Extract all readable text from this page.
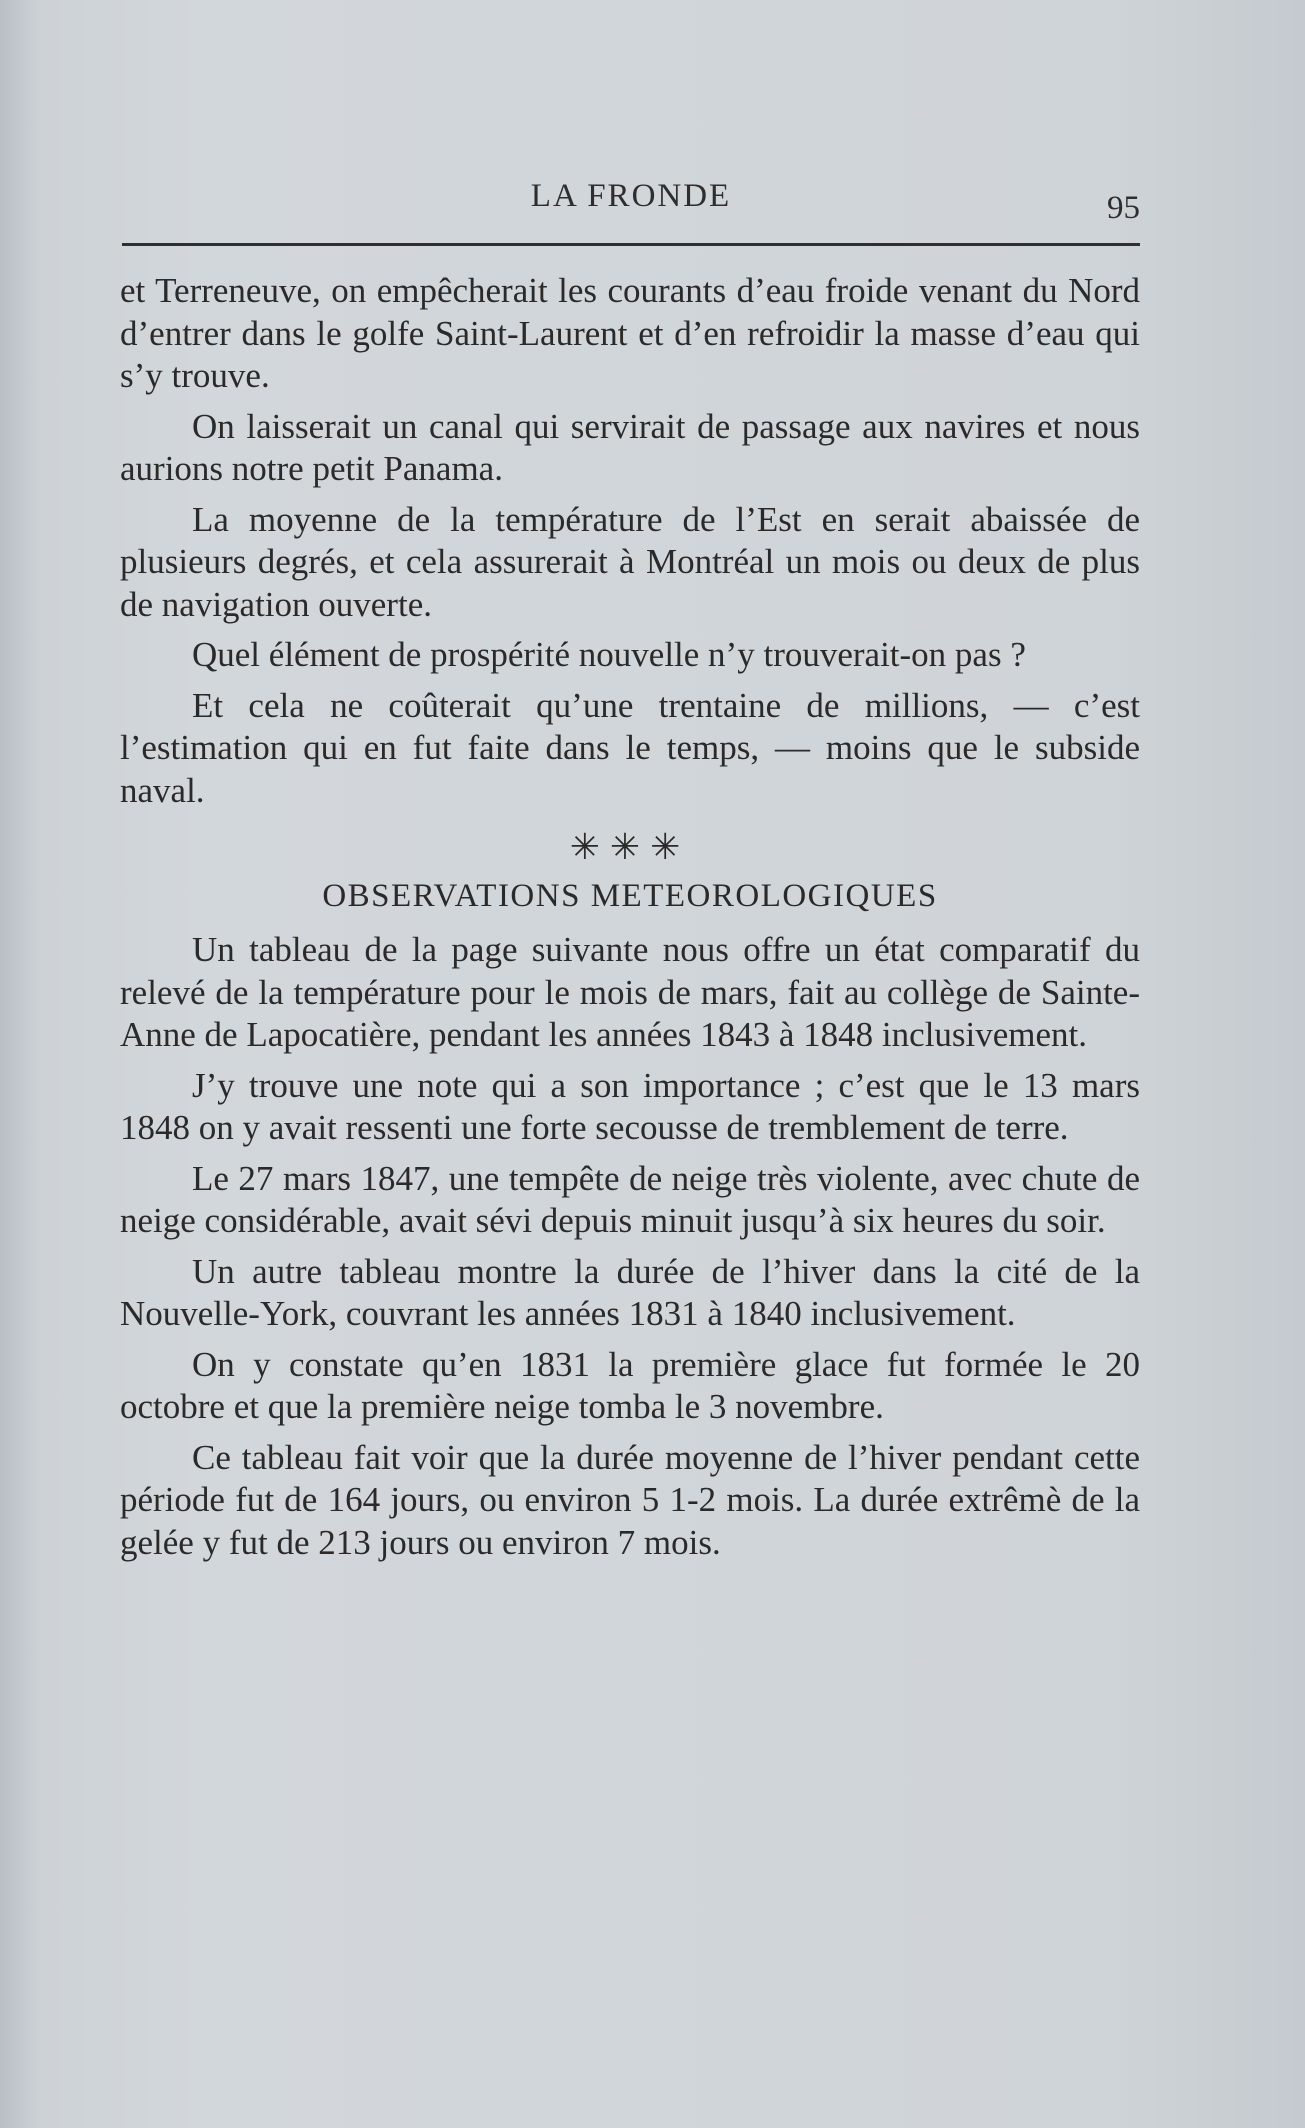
LA FRONDE	95

et Terreneuve, on empêcherait les courants d’eau froide venant du Nord d’entrer dans le golfe Saint-Laurent et d’en refroidir la masse d’eau qui s’y trouve.

On laisserait un canal qui servirait de passage aux navires et nous aurions notre petit Panama.

La moyenne de la température de l’Est en serait abaissée de plusieurs degrés, et cela assurerait à Montréal un mois ou deux de plus de navigation ouverte.

Quel élément de prospérité nouvelle n’y trouverait-on pas ?

Et cela ne coûterait qu’une trentaine de millions, — c’est l’estimation qui en fut faite dans le temps, — moins que le subside naval.

✳✳✳
OBSERVATIONS METEOROLOGIQUES

Un tableau de la page suivante nous offre un état comparatif du relevé de la température pour le mois de mars, fait au collège de Sainte-Anne de Lapocatière, pendant les années 1843 à 1848 inclusivement.

J’y trouve une note qui a son importance ; c’est que le 13 mars 1848 on y avait ressenti une forte secousse de tremblement de terre.

Le 27 mars 1847, une tempête de neige très violente, avec chute de neige considérable, avait sévi depuis minuit jusqu’à six heures du soir.

Un autre tableau montre la durée de l’hiver dans la cité de la Nouvelle-York, couvrant les années 1831 à 1840 inclusivement.

On y constate qu’en 1831 la première glace fut formée le 20 octobre et que la première neige tomba le 3 novembre.

Ce tableau fait voir que la durée moyenne de l’hiver pendant cette période fut de 164 jours, ou environ 5 1-2 mois. La durée extrêmè de la gelée y fut de 213 jours ou environ 7 mois.
